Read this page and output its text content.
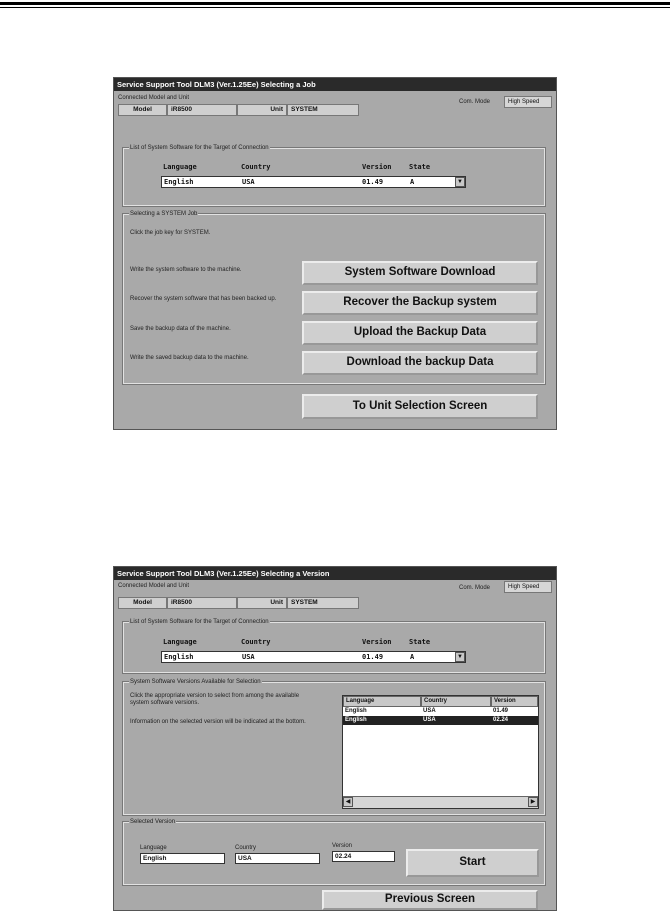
Service Support Tool DLM3 (Ver.1.25Ee) Selecting a Job
Connected Model and Unit
Model	iR8500	Unit	SYSTEM
Com. Mode	High Speed
List of System Software for the Target of Connection
Language	Country	Version State
English	USA	01.49	A	▼
Selecting a SYSTEM Job
Click the job key for SYSTEM.
Write the system software to the machine.	System Software Download
Recover the system software that has been backed up.	Recover the Backup system
Save the backup data of the machine.	Upload the Backup Data
Write the saved backup data to the machine.	Download the backup Data
To Unit Selection Screen
Service Support Tool DLM3 (Ver.1.25Ee) Selecting a Version
Connected Model and Unit
Model	iR8500	Unit	SYSTEM
Com. Mode	High Speed
List of System Software for the Target of Connection
Language	Country	Version State
English	USA	01.49	A	▼
System Software Versions Available for Selection
Click the appropriate version to select from among the available system software versions.
Information on the selected version will be indicated at the bottom.
Language	Country	Version
English	USA	01.49
English	USA	02.24
◀	▶
Selected Version
Language
English
Country
USA
Version
02.24	Start
Previous Screen
